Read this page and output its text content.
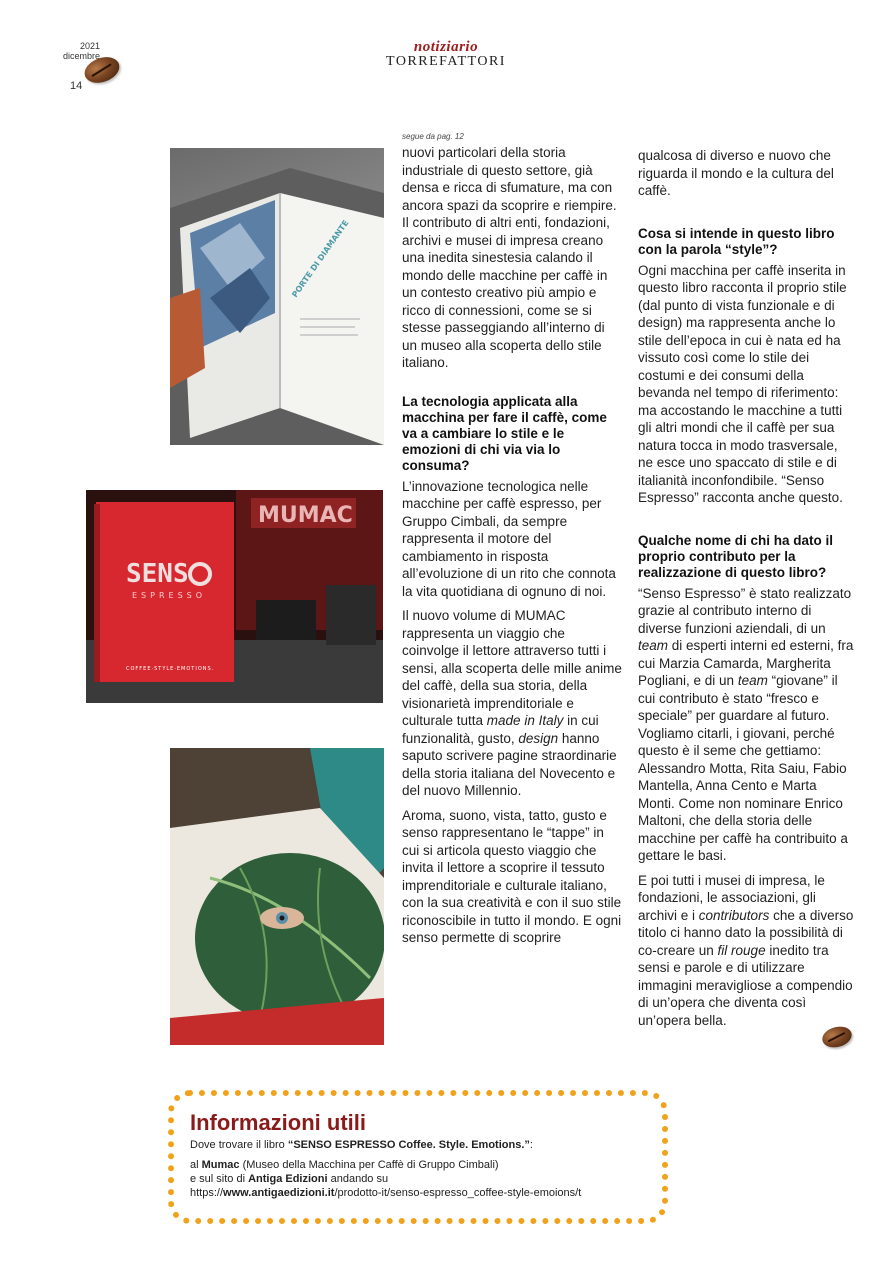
2021
dicembre
14
notiziario
TORREFATTORI
PORTE DI DIAMANTE
MUMAC
SENS
ESPRESSO
COFFEE·STYLE·EMOTIONS.
segue da pag. 12

nuovi particolari della storia industriale di questo settore, già densa e ricca di sfumature, ma con ancora spazi da scoprire e riempire. Il contributo di altri enti, fondazioni, archivi e musei di impresa creano una inedita sinestesia calando il mondo delle macchine per caffè in un contesto creativo più ampio e ricco di connessioni, come se si stesse passeggiando all’interno di un museo alla scoperta dello stile italiano.

La tecnologia applicata alla macchina per fare il caffè, come va a cambiare lo stile e le emozioni di chi via via lo consuma?

L’innovazione tecnologica nelle macchine per caffè espresso, per Gruppo Cimbali, da sempre rappresenta il motore del cambiamento in risposta all’evoluzione di un rito che connota la vita quotidiana di ognuno di noi.

Il nuovo volume di MUMAC rappresenta un viaggio che coinvolge il lettore attraverso tutti i sensi, alla scoperta delle mille anime del caffè, della sua storia, della visionarietà imprenditoriale e culturale tutta made in Italy in cui funzionalità, gusto, design hanno saputo scrivere pagine straordinarie della storia italiana del Novecento e del nuovo Millennio.

Aroma, suono, vista, tatto, gusto e senso rappresentano le “tappe” in cui si articola questo viaggio che invita il lettore a scoprire il tessuto imprenditoriale e culturale italiano, con la sua creatività e con il suo stile riconoscibile in tutto il mondo. E ogni senso permette di scoprire

qualcosa di diverso e nuovo che riguarda il mondo e la cultura del caffè.

Cosa si intende in questo libro con la parola “style”?

Ogni macchina per caffè inserita in questo libro racconta il proprio stile (dal punto di vista funzionale e di design) ma rappresenta anche lo stile dell’epoca in cui è nata ed ha vissuto così come lo stile dei costumi e dei consumi della bevanda nel tempo di riferimento: ma accostando le macchine a tutti gli altri mondi che il caffè per sua natura tocca in modo trasversale, ne esce uno spaccato di stile e di italianità inconfondibile. “Senso Espresso” racconta anche questo.

Qualche nome di chi ha dato il proprio contributo per la realizzazione di questo libro?

“Senso Espresso” è stato realizzato grazie al contributo interno di diverse funzioni aziendali, di un team di esperti interni ed esterni, fra cui Marzia Camarda, Margherita Pogliani, e di un team “giovane” il cui contributo è stato “fresco e speciale” per guardare al futuro. Vogliamo citarli, i giovani, perché questo è il seme che gettiamo: Alessandro Motta, Rita Saiu, Fabio Mantella, Anna Cento e Marta Monti. Come non nominare Enrico Maltoni, che della storia delle macchine per caffè ha contribuito a gettare le basi.

E poi tutti i musei di impresa, le fondazioni, le associazioni, gli archivi e i contributors che a diverso titolo ci hanno dato la possibilità di co-creare un fil rouge inedito tra sensi e parole e di utilizzare immagini meravigliose a compendio di un’opera che diventa così un’opera bella.

Informazioni utili
Dove trovare il libro “SENSO ESPRESSO Coffee. Style. Emotions.”:
al Mumac (Museo della Macchina per Caffè di Gruppo Cimbali)
e sul sito di Antiga Edizioni andando su
https://www.antigaedizioni.it/prodotto-it/senso-espresso_coffee-style-emoions/t
